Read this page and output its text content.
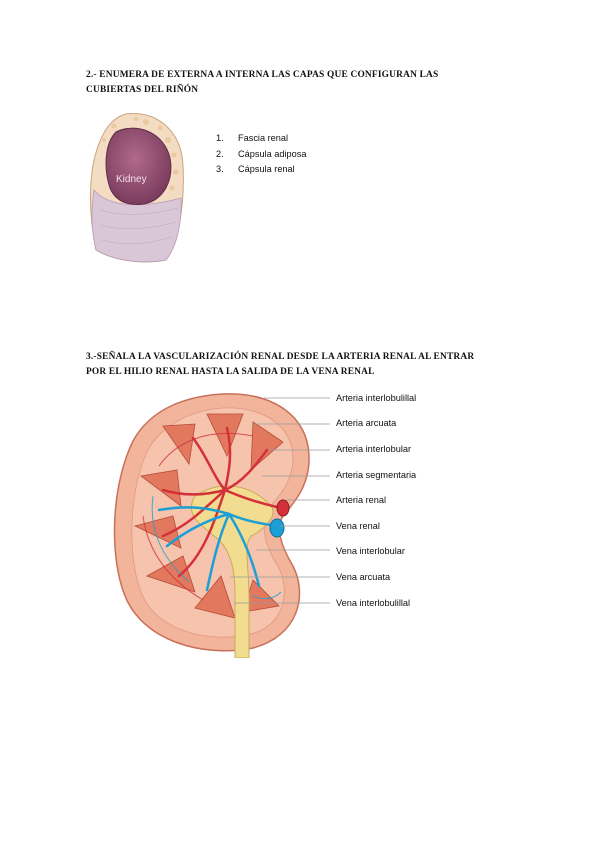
2.- ENUMERA DE EXTERNA A INTERNA LAS CAPAS QUE CONFIGURAN LAS
CUBIERTAS DEL RIÑÓN
Kidney
1.	Fascia renal
2.	Cápsula adiposa
3.	Cápsula renal
3.-SEÑALA LA VASCULARIZACIÓN RENAL DESDE LA ARTERIA RENAL AL ENTRAR
POR EL HILIO RENAL HASTA LA SALIDA DE LA VENA RENAL
Arteria interlobulillal
Arteria arcuata
Arteria interlobular
Arteria segmentaria
Arteria renal
Vena renal
Vena interlobular
Vena arcuata
Vena interlobulillal
